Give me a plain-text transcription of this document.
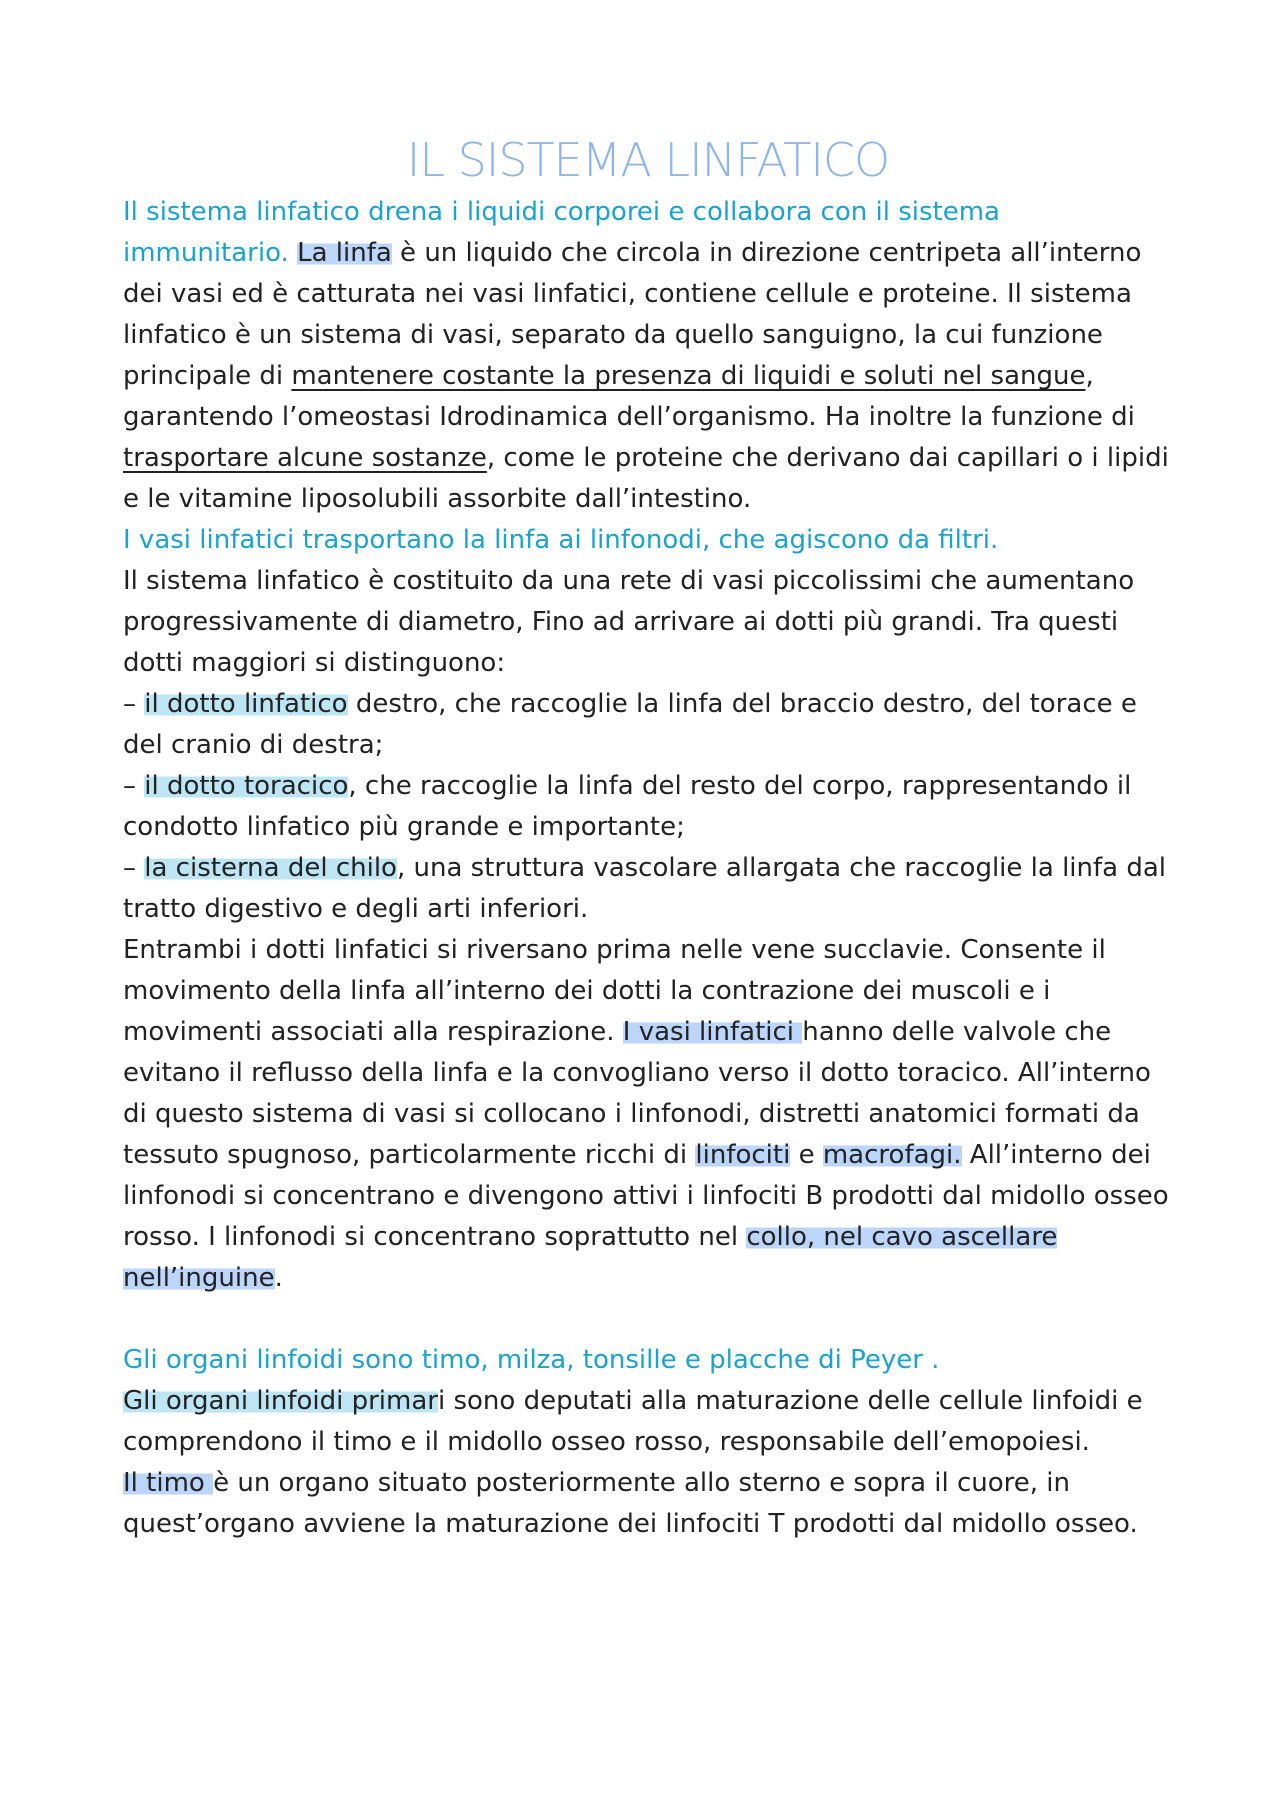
IL SISTEMA LINFATICO

Il sistema linfatico drena i liquidi corporei e collabora con il sistema immunitario. La linfa è un liquido che circola in direzione centripeta all’interno dei vasi ed è catturata nei vasi linfatici, contiene cellule e proteine. Il sistema linfatico è un sistema di vasi, separato da quello sanguigno, la cui funzione principale di mantenere costante la presenza di liquidi e soluti nel sangue, garantendo l’omeostasi Idrodinamica dell’organismo. Ha inoltre la funzione di trasportare alcune sostanze, come le proteine che derivano dai capillari o i lipidi e le vitamine liposolubili assorbite dall’intestino.

I vasi linfatici trasportano la linfa ai linfonodi, che agiscono da filtri.

Il sistema linfatico è costituito da una rete di vasi piccolissimi che aumentano progressivamente di diametro, Fino ad arrivare ai dotti più grandi. Tra questi dotti maggiori si distinguono:

– il dotto linfatico destro, che raccoglie la linfa del braccio destro, del torace e del cranio di destra;

– il dotto toracico, che raccoglie la linfa del resto del corpo, rappresentando il condotto linfatico più grande e importante;

– la cisterna del chilo, una struttura vascolare allargata che raccoglie la linfa dal tratto digestivo e degli arti inferiori.

Entrambi i dotti linfatici si riversano prima nelle vene succlavie. Consente il movimento della linfa all’interno dei dotti la contrazione dei muscoli e i movimenti associati alla respirazione. I vasi linfatici hanno delle valvole che evitano il reflusso della linfa e la convogliano verso il dotto toracico. All’interno di questo sistema di vasi si collocano i linfonodi, distretti anatomici formati da tessuto spugnoso, particolarmente ricchi di linfociti e macrofagi. All’interno dei linfonodi si concentrano e divengono attivi i linfociti B prodotti dal midollo osseo rosso. I linfonodi si concentrano soprattutto nel collo, nel cavo ascellare nell’inguine.

Gli organi linfoidi sono timo, milza, tonsille e placche di Peyer .

Gli organi linfoidi primari sono deputati alla maturazione delle cellule linfoidi e comprendono il timo e il midollo osseo rosso, responsabile dell’emopoiesi.

Il timo è un organo situato posteriormente allo sterno e sopra il cuore, in quest’organo avviene la maturazione dei linfociti T prodotti dal midollo osseo.
